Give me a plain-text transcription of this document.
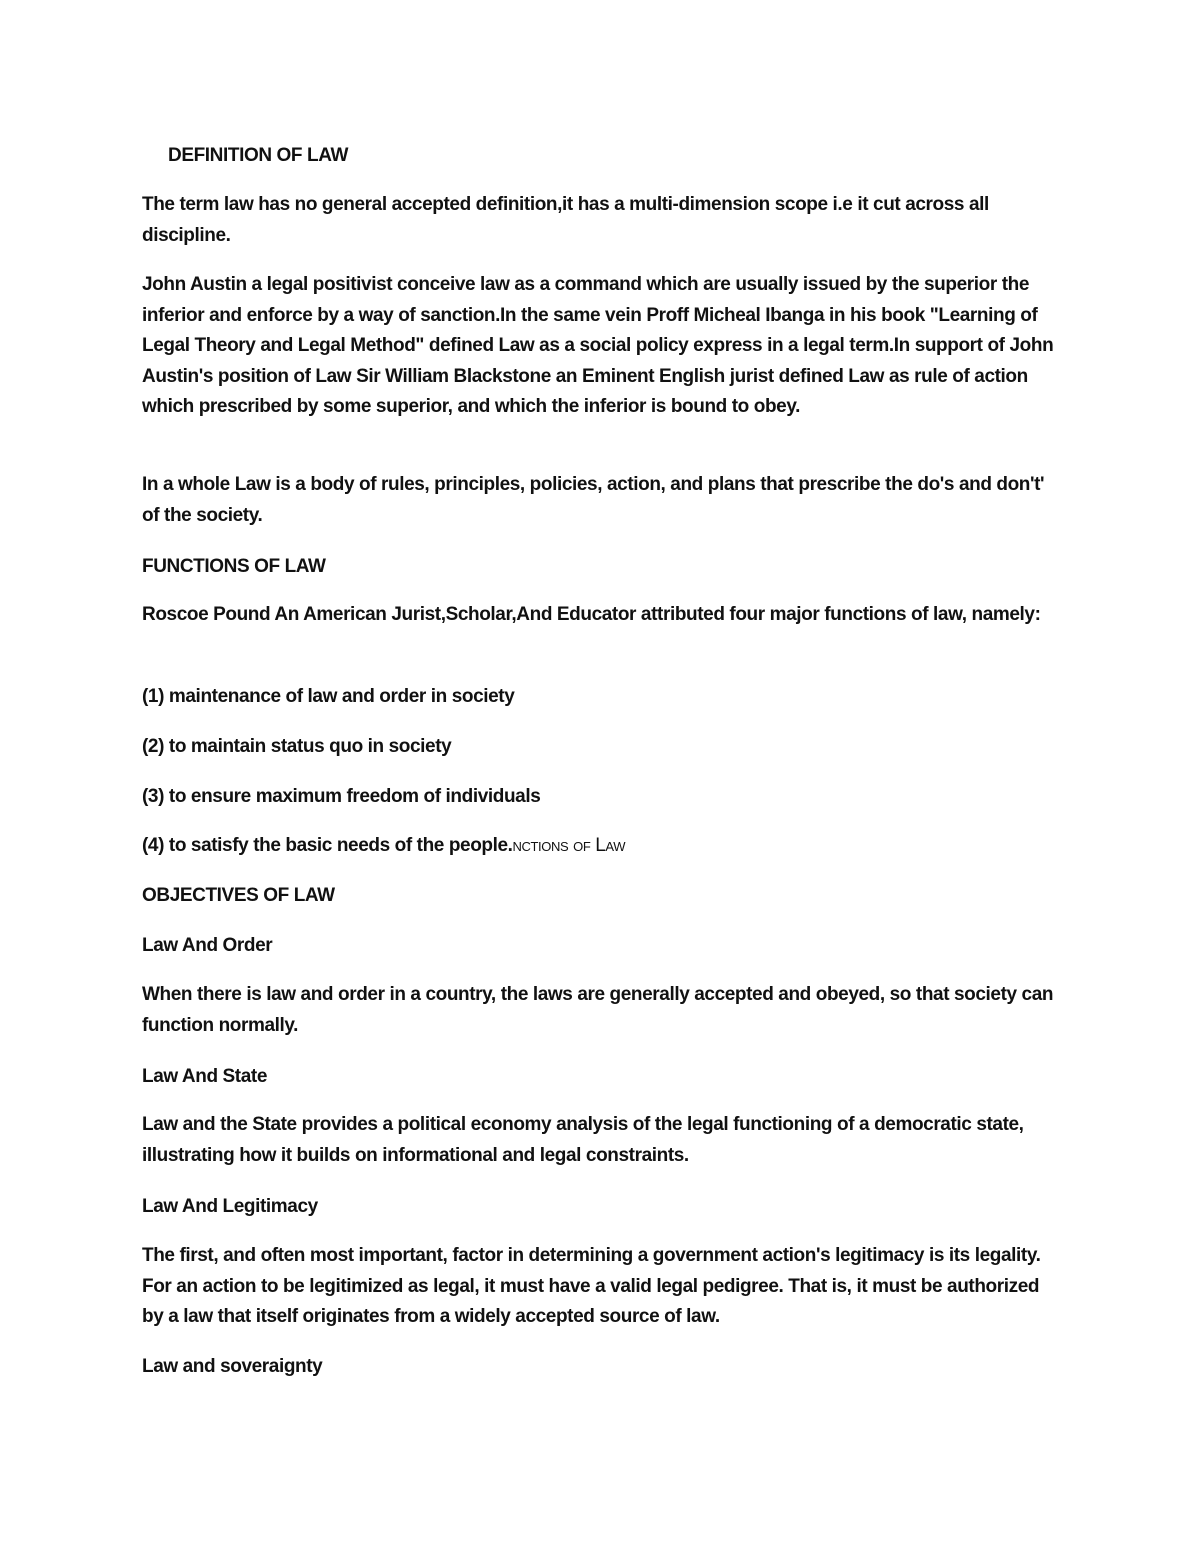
DEFINITION OF LAW
The term law has no general accepted definition,it has a multi-dimension scope i.e it cut across all discipline.
John Austin a legal positivist conceive law as a command which are usually issued by the superior the inferior and enforce by a way of sanction.In the same vein Proff Micheal Ibanga in his book "Learning of Legal Theory and Legal Method" defined Law as a social policy express in a legal term.In support of John Austin's position of Law Sir William Blackstone an Eminent English jurist defined Law as rule of action which prescribed by some superior, and which the inferior is bound to obey.
In a whole Law is a body of rules, principles, policies, action, and plans that prescribe the do's and don't' of the society.
FUNCTIONS OF LAW
Roscoe Pound An American Jurist,Scholar,And Educator attributed four major functions of law, namely:
(1) maintenance of law and order in society
(2) to maintain status quo in society
(3) to ensure maximum freedom of individuals
(4) to satisfy the basic needs of the people.nctions of Law
OBJECTIVES OF LAW
Law And Order
When there is law and order in a country, the laws are generally accepted and obeyed, so that society can function normally.
Law And State
Law and the State provides a political economy analysis of the legal functioning of a democratic state, illustrating how it builds on informational and legal constraints.
Law And Legitimacy
The first, and often most important, factor in determining a government action's legitimacy is its legality. For an action to be legitimized as legal, it must have a valid legal pedigree. That is, it must be authorized by a law that itself originates from a widely accepted source of law.
Law and soveraignty
